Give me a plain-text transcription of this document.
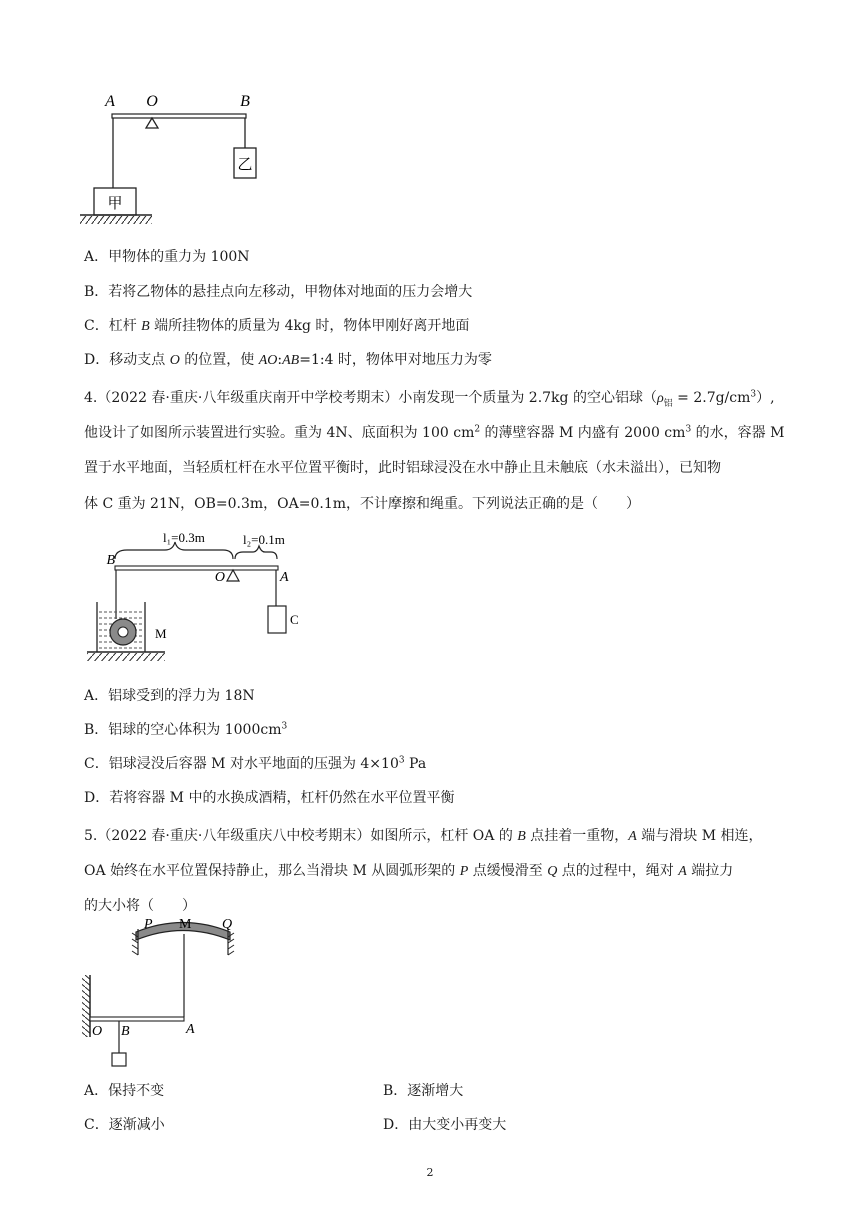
A O	B
甲
乙
A．甲物体的重力为 100N
B．若将乙物体的悬挂点向左移动，甲物体对地面的压力会增大
C．杠杆 B 端所挂物体的质量为 4kg 时，物体甲刚好离开地面
D．移动支点 O 的位置，使 AO:AB=1:4 时，物体甲对地压力为零
4.（2022 春·重庆·八年级重庆南开中学校考期末）小南发现一个质量为 2.7kg 的空心铝球$(\rho_铝 = 2.7g/cm^3)$,
他设计了如图所示装置进行实验。重为 4N、底面积为 100 $cm^2$ 的薄壁容器 M 内盛有 2000 $cm^3$ 的水，容器 M
置于水平地面，当轻质杠杆在水平位置平衡时，此时铝球浸没在水中静止且未触底（水未溢出），已知物
体 C 重为 21N，OB=0.3m，OA=0.1m，不计摩擦和绳重。下列说法正确的是（　　）
l₁=0.3m	l₂=0.1m
B
O	A
C
M
A．铝球受到的浮力为 18N
B．铝球的空心体积为 $1000cm^3$
C．铝球浸没后容器 M 对水平地面的压强为 $4\times 10^3$ Pa
D．若将容器 M 中的水换成酒精，杠杆仍然在水平位置平衡
5.（2022 春·重庆·八年级重庆八中校考期末）如图所示，杠杆 OA 的 B 点挂着一重物，A 端与滑块 M 相连，
OA 始终在水平位置保持静止，那么当滑块 M 从圆弧形架的 P 点缓慢滑至 Q 点的过程中，绳对 A 端拉力
的大小将（　　）
P M Q
O B	A
A．保持不变	B．逐渐增大
C．逐渐减小	D．由大变小再变大
2
